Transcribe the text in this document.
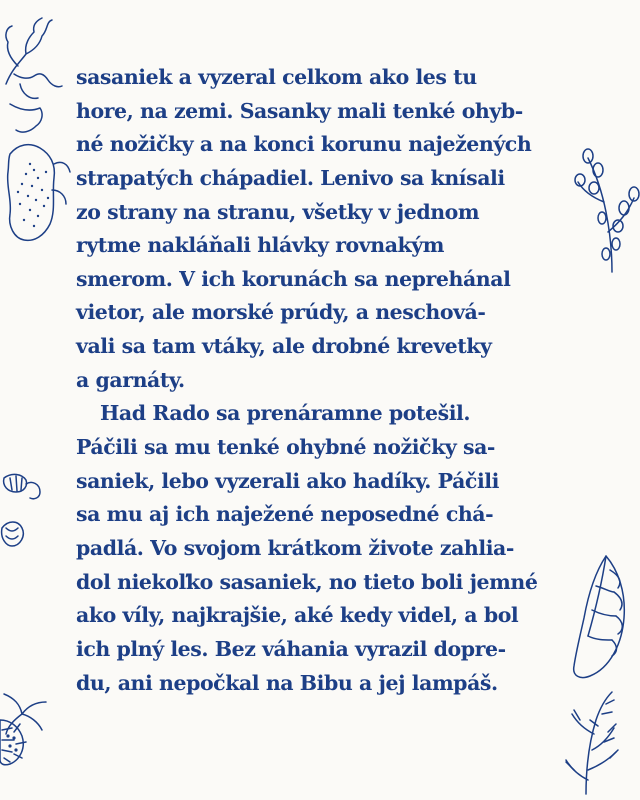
sasaniek a vyzeral celkom ako les tu
hore, na zemi. Sasanky mali tenké ohyb-
né nožičky a na konci korunu naježených
strapatých chápadiel. Lenivo sa knísali
zo strany na stranu, všetky v jednom
rytme nakláňali hlávky rovnakým
smerom. V ich korunách sa neprehánal
vietor, ale morské prúdy, a neschová-
vali sa tam vtáky, ale drobné krevetky
a garnáty.
Had Rado sa prenáramne potešil.
Páčili sa mu tenké ohybné nožičky sa-
saniek, lebo vyzerali ako hadíky. Páčili
sa mu aj ich naježené neposedné chá-
padlá. Vo svojom krátkom živote zahlia-
dol niekoľko sasaniek, no tieto boli jemné
ako víly, najkrajšie, aké kedy videl, a bol
ich plný les. Bez váhania vyrazil dopre-
du, ani nepočkal na Bibu a jej lampáš.
